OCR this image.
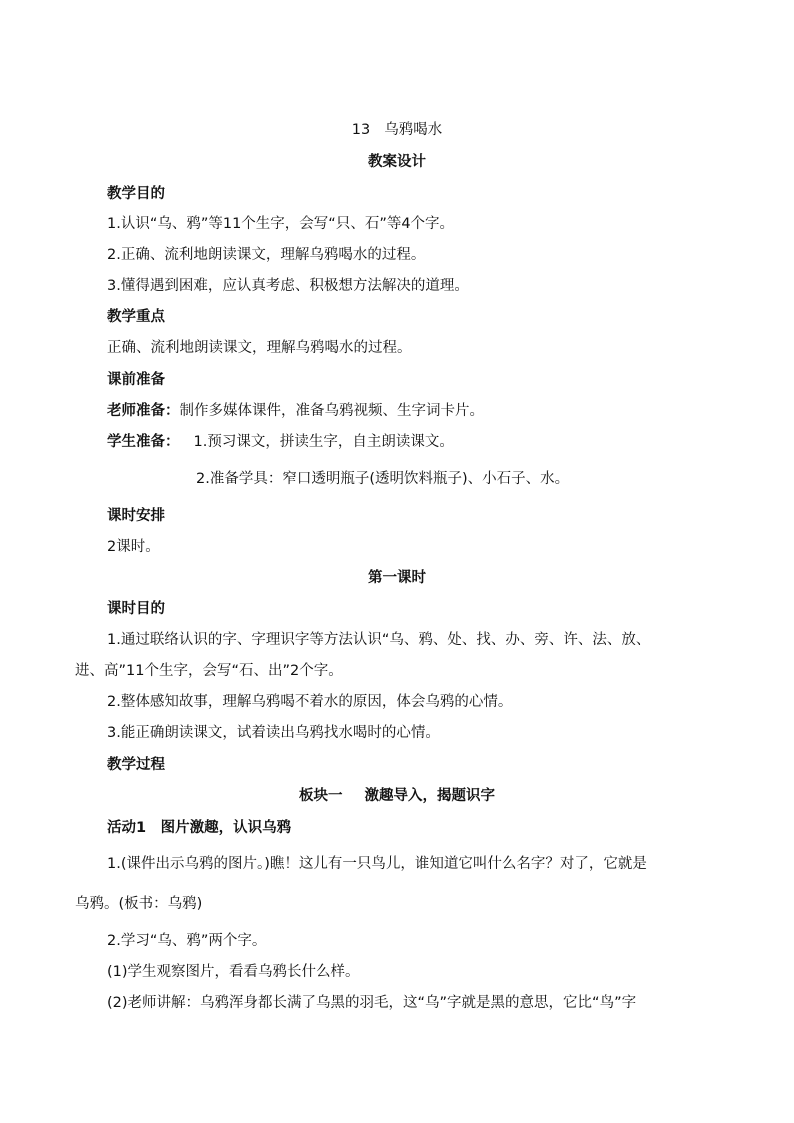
13 乌鸦喝水
教案设计
教学目的
1.认识“乌、鸦”等11个生字，会写“只、石”等4个字。
2.正确、流利地朗读课文，理解乌鸦喝水的过程。
3.懂得遇到困难，应认真考虑、积极想方法解决的道理。
教学重点
正确、流利地朗读课文，理解乌鸦喝水的过程。
课前准备
老师准备：制作多媒体课件，准备乌鸦视频、生字词卡片。
学生准备： 1.预习课文，拼读生字，自主朗读课文。
2.准备学具：窄口透明瓶子(透明饮料瓶子)、小石子、水。
课时安排
2课时。
第一课时
课时目的
1.通过联络认识的字、字理识字等方法认识“乌、鸦、处、找、办、旁、许、法、放、
进、高”11个生字，会写“石、出”2个字。
2.整体感知故事，理解乌鸦喝不着水的原因，体会乌鸦的心情。
3.能正确朗读课文，试着读出乌鸦找水喝时的心情。
教学过程
板块一 激趣导入，揭题识字
活动1　图片激趣，认识乌鸦
1.(课件出示乌鸦的图片。)瞧！这儿有一只鸟儿，谁知道它叫什么名字？对了，它就是
乌鸦。(板书：乌鸦)
2.学习“乌、鸦”两个字。
(1)学生观察图片，看看乌鸦长什么样。
(2)老师讲解：乌鸦浑身都长满了乌黑的羽毛，这“乌”字就是黑的意思，它比“鸟”字
